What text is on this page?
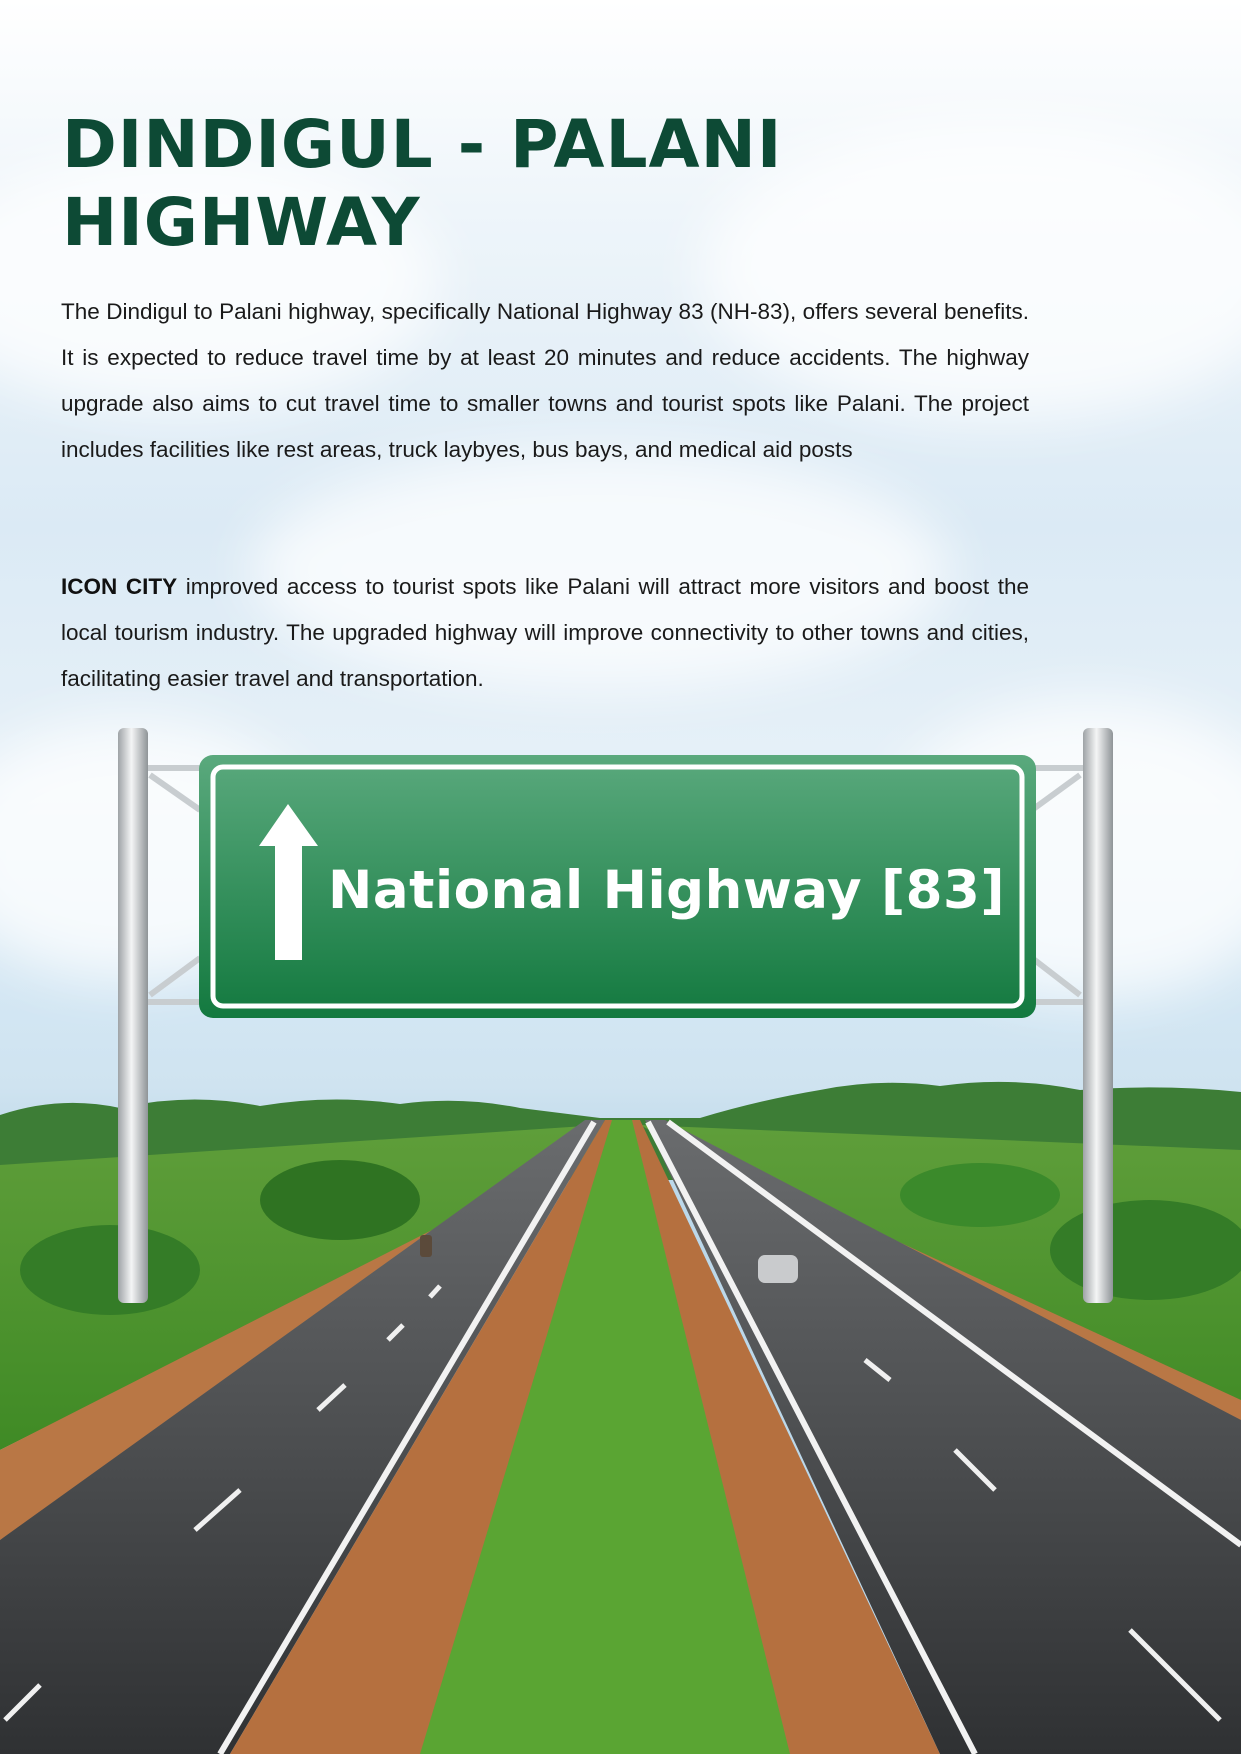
DINDIGUL - PALANI
HIGHWAY

The Dindigul to Palani highway, specifically National Highway 83 (NH-83), offers several benefits. It is expected to reduce travel time by at least 20 minutes and reduce accidents. The highway upgrade also aims to cut travel time to smaller towns and tourist spots like Palani. The project includes facilities like rest areas, truck laybyes, bus bays, and medical aid posts

ICON CITY improved access to tourist spots like Palani will attract more visitors and boost the local tourism industry. The upgraded highway will improve connectivity to other towns and cities, facilitating easier travel and transportation.

National Highway [83]
